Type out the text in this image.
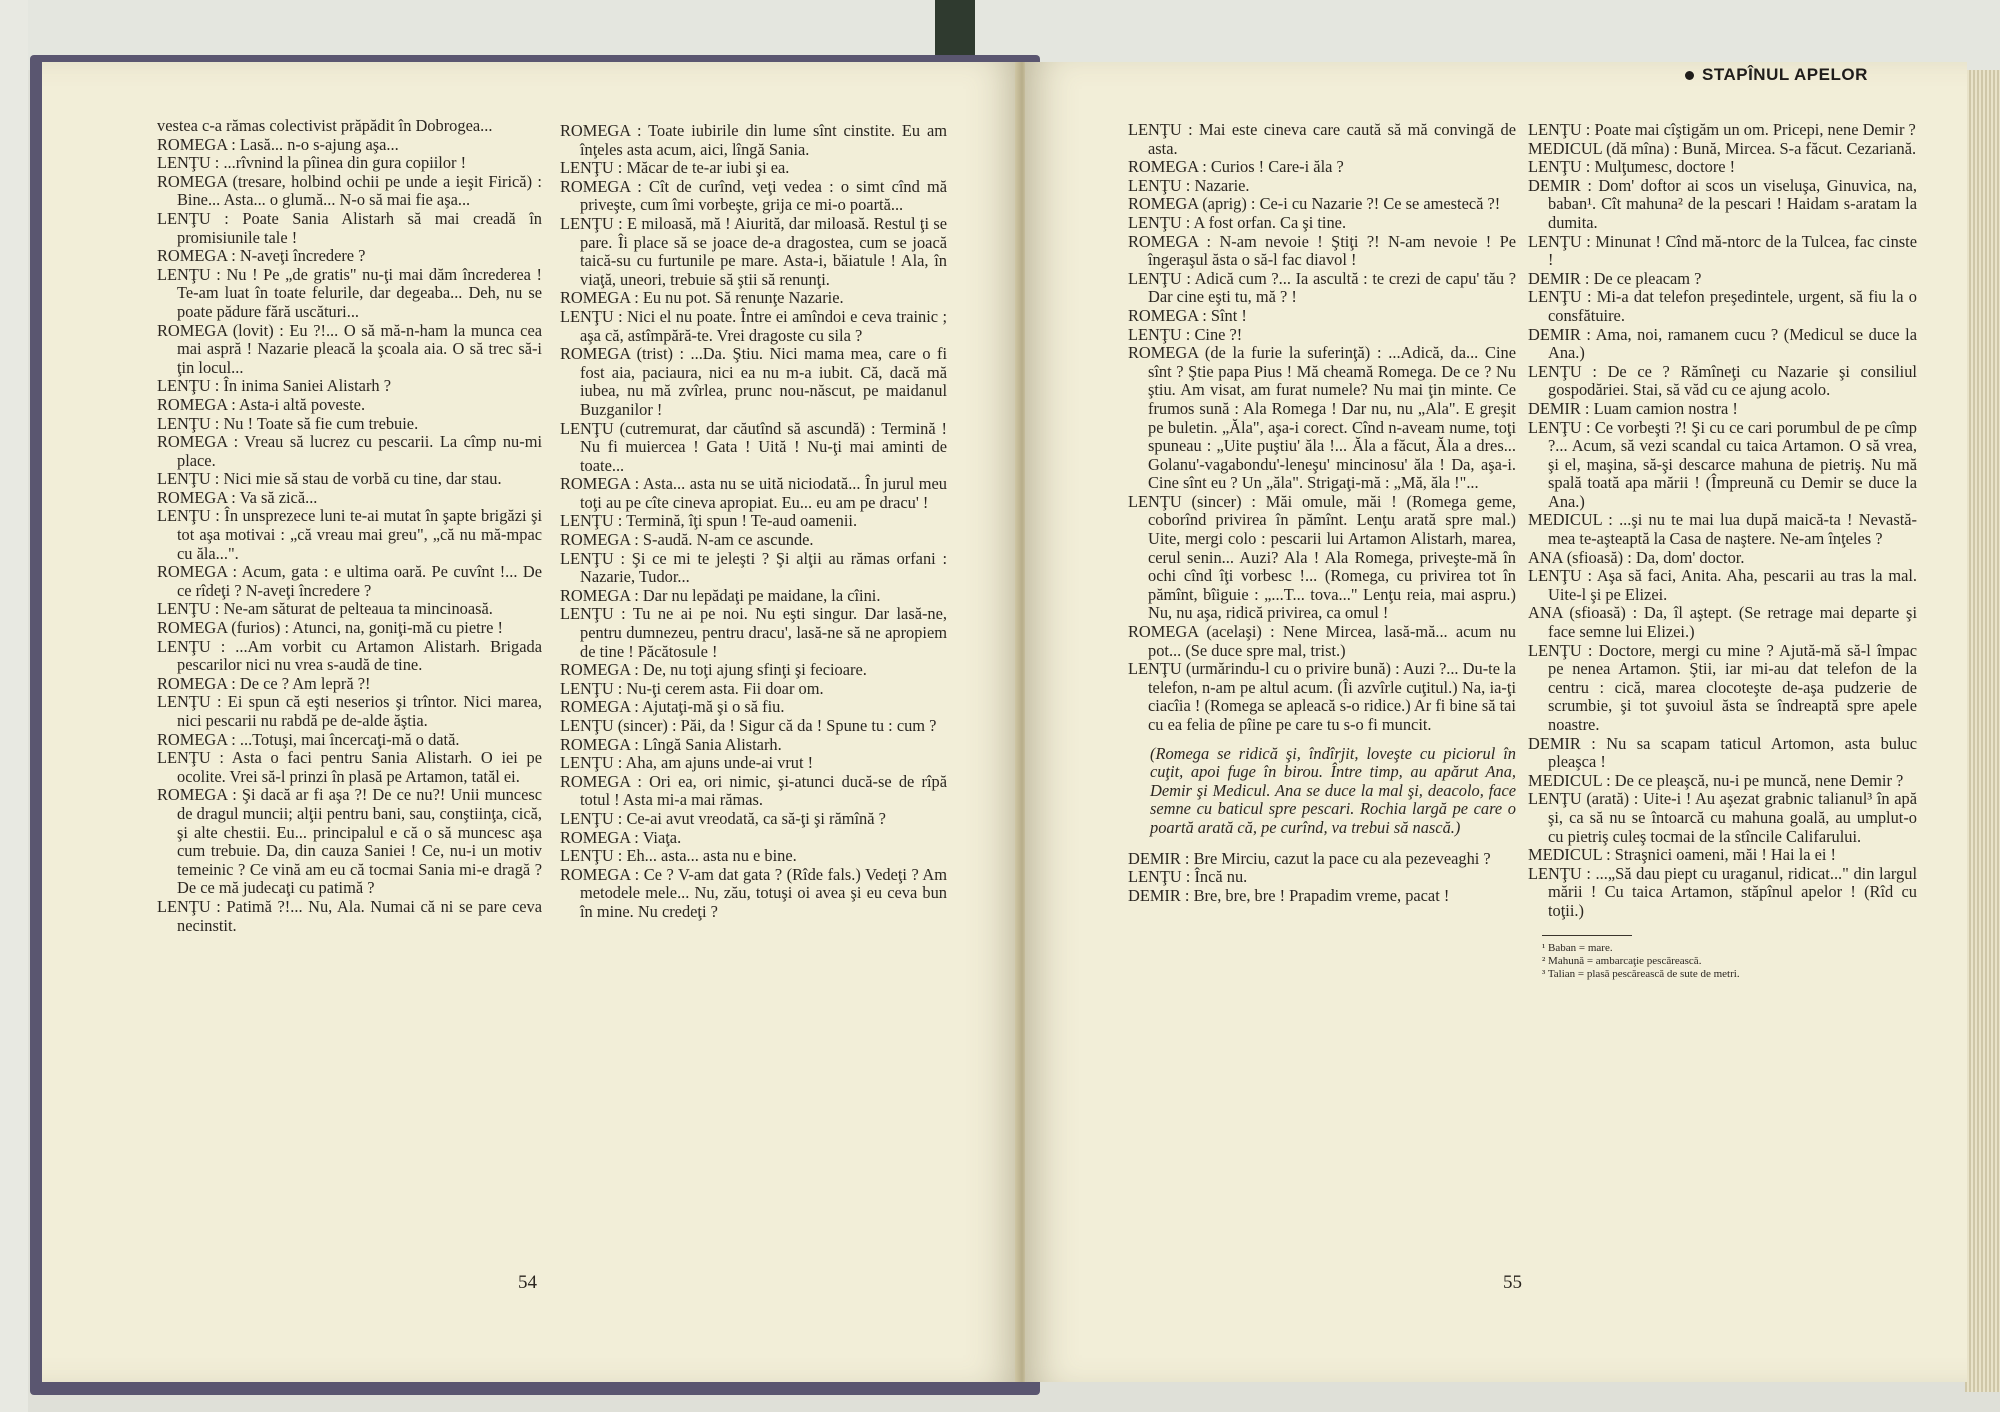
vestea c-a rămas colectivist prăpădit în Dobrogea...

ROMEGA : Lasă... n-o s-ajung aşa...

LENŢU : ...rîvnind la pîinea din gura copiilor !

ROMEGA (tresare, holbind ochii pe unde a ieşit Firică) : Bine... Asta... o glumă... N-o să mai fie aşa...

LENŢU : Poate Sania Alistarh să mai creadă în promisiunile tale !

ROMEGA : N-aveţi încredere ?

LENŢU : Nu ! Pe „de gratis" nu-ţi mai dăm încrederea ! Te-am luat în toate felurile, dar degeaba... Deh, nu se poate pădure fără uscături...

ROMEGA (lovit) : Eu ?!... O să mă-n-ham la munca cea mai aspră ! Nazarie pleacă la şcoala aia. O să trec să-i ţin locul...

LENŢU : În inima Saniei Alistarh ?

ROMEGA : Asta-i altă poveste.

LENŢU : Nu ! Toate să fie cum trebuie.

ROMEGA : Vreau să lucrez cu pescarii. La cîmp nu-mi place.

LENŢU : Nici mie să stau de vorbă cu tine, dar stau.

ROMEGA : Va să zică...

LENŢU : În unsprezece luni te-ai mutat în şapte brigăzi şi tot aşa motivai : „că vreau mai greu", „că nu mă-mpac cu ăla...".

ROMEGA : Acum, gata : e ultima oară. Pe cuvînt !... De ce rîdeţi ? N-aveţi încredere ?

LENŢU : Ne-am săturat de pelteaua ta mincinoasă.

ROMEGA (furios) : Atunci, na, goniţi-mă cu pietre !

LENŢU : ...Am vorbit cu Artamon Alistarh. Brigada pescarilor nici nu vrea s-audă de tine.

ROMEGA : De ce ? Am lepră ?!

LENŢU : Ei spun că eşti neserios şi trîntor. Nici marea, nici pescarii nu rabdă pe de-alde ăştia.

ROMEGA : ...Totuşi, mai încercaţi-mă o dată.

LENŢU : Asta o faci pentru Sania Alistarh. O iei pe ocolite. Vrei să-l prinzi în plasă pe Artamon, tatăl ei.

ROMEGA : Şi dacă ar fi aşa ?! De ce nu?! Unii muncesc de dragul muncii; alţii pentru bani, sau, conştiinţa, cică, şi alte chestii. Eu... principalul e că o să muncesc aşa cum trebuie. Da, din cauza Saniei ! Ce, nu-i un motiv temeinic ? Ce vină am eu că tocmai Sania mi-e dragă ? De ce mă judecaţi cu patimă ?

LENŢU : Patimă ?!... Nu, Ala. Numai că ni se pare ceva necinstit.

ROMEGA : Toate iubirile din lume sînt cinstite. Eu am înţeles asta acum, aici, lîngă Sania.

LENŢU : Măcar de te-ar iubi şi ea.

ROMEGA : Cît de curînd, veţi vedea : o simt cînd mă priveşte, cum îmi vorbeşte, grija ce mi-o poartă...

LENŢU : E miloasă, mă ! Aiurită, dar miloasă. Restul ţi se pare. Îi place să se joace de-a dragostea, cum se joacă taică-su cu furtunile pe mare. Asta-i, băiatule ! Ala, în viaţă, uneori, trebuie să ştii să renunţi.

ROMEGA : Eu nu pot. Să renunţe Nazarie.

LENŢU : Nici el nu poate. Între ei amîndoi e ceva trainic ; aşa că, astîmpără-te. Vrei dragoste cu sila ?

ROMEGA (trist) : ...Da. Ştiu. Nici mama mea, care o fi fost aia, paciaura, nici ea nu m-a iubit. Că, dacă mă iubea, nu mă zvîrlea, prunc nou-născut, pe maidanul Buzganilor !

LENŢU (cutremurat, dar căutînd să ascundă) : Termină ! Nu fi muiercea ! Gata ! Uită ! Nu-ţi mai aminti de toate...

ROMEGA : Asta... asta nu se uită niciodată... În jurul meu toţi au pe cîte cineva apropiat. Eu... eu am pe dracu' !

LENŢU : Termină, îţi spun ! Te-aud oamenii.

ROMEGA : S-audă. N-am ce ascunde.

LENŢU : Şi ce mi te jeleşti ? Şi alţii au rămas orfani : Nazarie, Tudor...

ROMEGA : Dar nu lepădaţi pe maidane, la cîini.

LENŢU : Tu ne ai pe noi. Nu eşti singur. Dar lasă-ne, pentru dumnezeu, pentru dracu', lasă-ne să ne apropiem de tine ! Păcătosule !

ROMEGA : De, nu toţi ajung sfinţi şi fecioare.

LENŢU : Nu-ţi cerem asta. Fii doar om.

ROMEGA : Ajutaţi-mă şi o să fiu.

LENŢU (sincer) : Păi, da ! Sigur că da ! Spune tu : cum ?

ROMEGA : Lîngă Sania Alistarh.

LENŢU : Aha, am ajuns unde-ai vrut !

ROMEGA : Ori ea, ori nimic, şi-atunci ducă-se de rîpă totul ! Asta mi-a mai rămas.

LENŢU : Ce-ai avut vreodată, ca să-ţi şi rămînă ?

ROMEGA : Viaţa.

LENŢU : Eh... asta... asta nu e bine.

ROMEGA : Ce ? V-am dat gata ? (Rîde fals.) Vedeţi ? Am metodele mele... Nu, zău, totuşi oi avea şi eu ceva bun în mine. Nu credeţi ?

54
STAPÎNUL APELOR

LENŢU : Mai este cineva care caută să mă convingă de asta.

ROMEGA : Curios ! Care-i ăla ?

LENŢU : Nazarie.

ROMEGA (aprig) : Ce-i cu Nazarie ?! Ce se amestecă ?!

LENŢU : A fost orfan. Ca şi tine.

ROMEGA : N-am nevoie ! Ştiţi ?! N-am nevoie ! Pe îngeraşul ăsta o să-l fac diavol !

LENŢU : Adică cum ?... Ia ascultă : te crezi de capu' tău ? Dar cine eşti tu, mă ? !

ROMEGA : Sînt !

LENŢU : Cine ?!

ROMEGA (de la furie la suferinţă) : ...Adică, da... Cine sînt ? Ştie papa Pius ! Mă cheamă Romega. De ce ? Nu ştiu. Am visat, am furat numele? Nu mai ţin minte. Ce frumos sună : Ala Romega ! Dar nu, nu „Ala". E greşit pe buletin. „Ăla", aşa-i corect. Cînd n-aveam nume, toţi spuneau : „Uite puştiu' ăla !... Ăla a făcut, Ăla a dres... Golanu'-vagabondu'-leneşu' mincinosu' ăla ! Da, aşa-i. Cine sînt eu ? Un „ăla". Strigaţi-mă : „Mă, ăla !"...

LENŢU (sincer) : Măi omule, măi ! (Romega geme, coborînd privirea în pămînt. Lenţu arată spre mal.) Uite, mergi colo : pescarii lui Artamon Alistarh, marea, cerul senin... Auzi? Ala ! Ala Romega, priveşte-mă în ochi cînd îţi vorbesc !... (Romega, cu privirea tot în pămînt, bîiguie : „...T... tova..." Lenţu reia, mai aspru.) Nu, nu aşa, ridică privirea, ca omul !

ROMEGA (acelaşi) : Nene Mircea, lasă-mă... acum nu pot... (Se duce spre mal, trist.)

LENŢU (urmărindu-l cu o privire bună) : Auzi ?... Du-te la telefon, n-am pe altul acum. (Îi azvîrle cuţitul.) Na, ia-ţi ciacîia ! (Romega se apleacă s-o ridice.) Ar fi bine să tai cu ea felia de pîine pe care tu s-o fi muncit.

(Romega se ridică şi, îndîrjit, loveşte cu piciorul în cuţit, apoi fuge în birou. Între timp, au apărut Ana, Demir şi Medicul. Ana se duce la mal şi, deacolo, face semne cu baticul spre pescari. Rochia largă pe care o poartă arată că, pe curînd, va trebui să nască.)

DEMIR : Bre Mirciu, cazut la pace cu ala pezeveaghi ?

LENŢU : Încă nu.

DEMIR : Bre, bre, bre ! Prapadim vreme, pacat !

LENŢU : Poate mai cîştigăm un om. Pricepi, nene Demir ?

MEDICUL (dă mîna) : Bună, Mircea. S-a făcut. Cezariană.

LENŢU : Mulţumesc, doctore !

DEMIR : Dom' doftor ai scos un viseluşa, Ginuvica, na, baban¹. Cît mahuna² de la pescari ! Haidam s-aratam la dumita.

LENŢU : Minunat ! Cînd mă-ntorc de la Tulcea, fac cinste !

DEMIR : De ce pleacam ?

LENŢU : Mi-a dat telefon preşedintele, urgent, să fiu la o consfătuire.

DEMIR : Ama, noi, ramanem cucu ? (Medicul se duce la Ana.)

LENŢU : De ce ? Rămîneţi cu Nazarie şi consiliul gospodăriei. Stai, să văd cu ce ajung acolo.

DEMIR : Luam camion nostra !

LENŢU : Ce vorbeşti ?! Şi cu ce cari porumbul de pe cîmp ?... Acum, să vezi scandal cu taica Artamon. O să vrea, şi el, maşina, să-şi descarce mahuna de pietriş. Nu mă spală toată apa mării ! (Împreună cu Demir se duce la Ana.)

MEDICUL : ...şi nu te mai lua după maică-ta ! Nevastă-mea te-aşteaptă la Casa de naştere. Ne-am înţeles ?

ANA (sfioasă) : Da, dom' doctor.

LENŢU : Aşa să faci, Anita. Aha, pescarii au tras la mal. Uite-l şi pe Elizei.

ANA (sfioasă) : Da, îl aştept. (Se retrage mai departe şi face semne lui Elizei.)

LENŢU : Doctore, mergi cu mine ? Ajută-mă să-l împac pe nenea Artamon. Ştii, iar mi-au dat telefon de la centru : cică, marea clocoteşte de-aşa pudzerie de scrumbie, şi tot şuvoiul ăsta se îndreaptă spre apele noastre.

DEMIR : Nu sa scapam taticul Artomon, asta buluc pleaşca !

MEDICUL : De ce pleaşcă, nu-i pe muncă, nene Demir ?

LENŢU (arată) : Uite-i ! Au aşezat grabnic talianul³ în apă şi, ca să nu se întoarcă cu mahuna goală, au umplut-o cu pietriş culeş tocmai de la stîncile Califarului.

MEDICUL : Straşnici oameni, măi ! Hai la ei !

LENŢU : ...„Să dau piept cu uraganul, ridicat..." din largul mării ! Cu taica Artamon, stăpînul apelor ! (Rîd cu toţii.)

¹ Baban = mare.

² Mahună = ambarcaţie pescărească.

³ Talian = plasă pescărească de sute de metri.

55
